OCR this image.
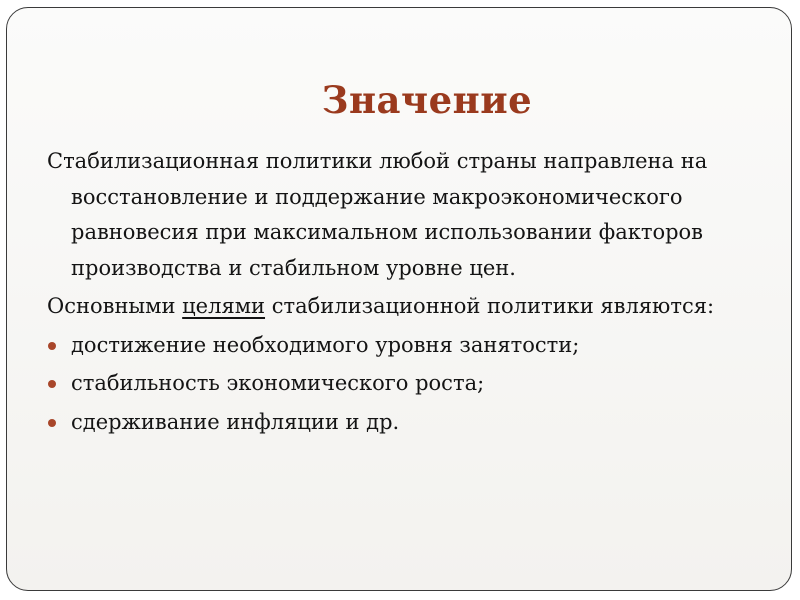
Значение

Стабилизационная политики любой страны направлена на восстановление и поддержание макроэкономического равновесия при максимальном использовании факторов производства и стабильном уровне цен.

Основными целями стабилизационной политики являются:

достижение необходимого уровня занятости;
стабильность экономического роста;
сдерживание инфляции и др.
